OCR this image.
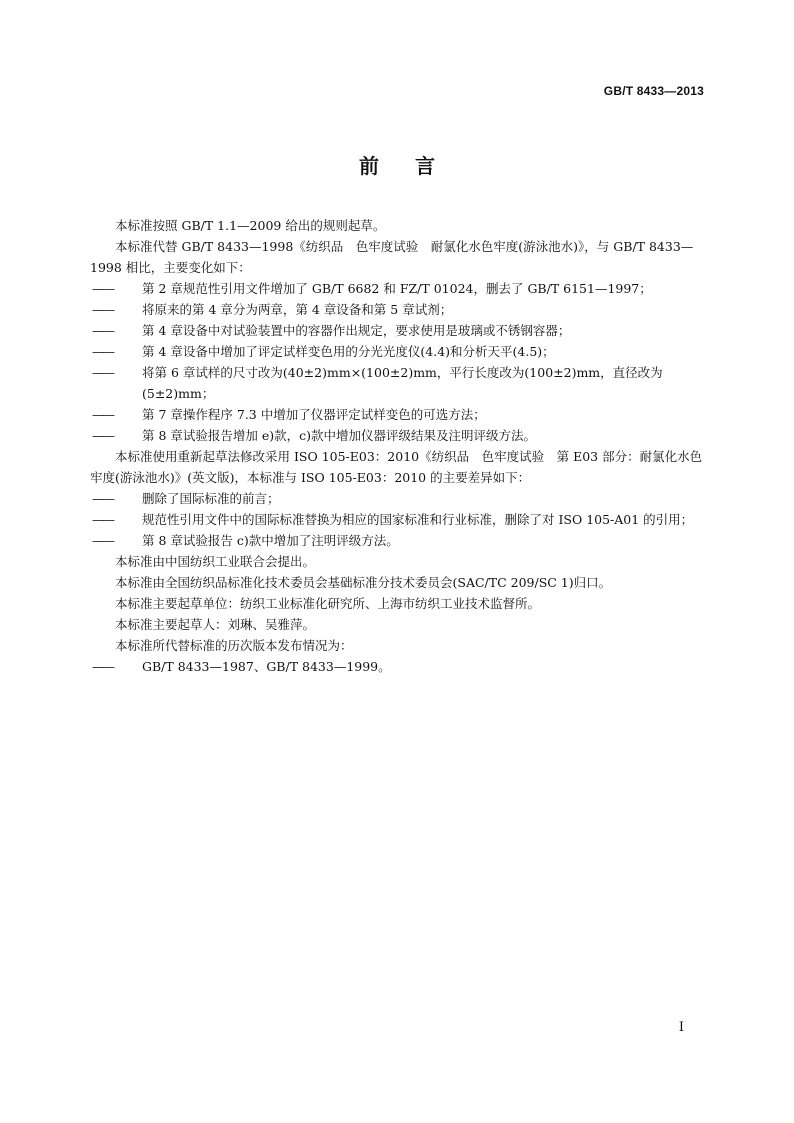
GB/T 8433—2013
前 言

本标准按照 GB/T 1.1—2009 给出的规则起草。

本标准代替 GB/T 8433—1998《纺织品　色牢度试验　耐氯化水色牢度(游泳池水)》，与 GB/T 8433—1998 相比，主要变化如下：

—— 第 2 章规范性引用文件增加了 GB/T 6682 和 FZ/T 01024，删去了 GB/T 6151—1997；

—— 将原来的第 4 章分为两章，第 4 章设备和第 5 章试剂；

—— 第 4 章设备中对试验装置中的容器作出规定，要求使用是玻璃或不锈钢容器；

—— 第 4 章设备中增加了评定试样变色用的分光光度仪(4.4)和分析天平(4.5)；

—— 将第 6 章试样的尺寸改为(40±2)mm×(100±2)mm，平行长度改为(100±2)mm，直径改为(5±2)mm；

—— 第 7 章操作程序 7.3 中增加了仪器评定试样变色的可选方法；

—— 第 8 章试验报告增加 e)款，c)款中增加仪器评级结果及注明评级方法。

本标准使用重新起草法修改采用 ISO 105-E03：2010《纺织品　色牢度试验　第 E03 部分：耐氯化水色牢度(游泳池水)》(英文版)，本标准与 ISO 105-E03：2010 的主要差异如下：

—— 删除了国际标准的前言；

—— 规范性引用文件中的国际标准替换为相应的国家标准和行业标准，删除了对 ISO 105-A01 的引用；

—— 第 8 章试验报告 c)款中增加了注明评级方法。

本标准由中国纺织工业联合会提出。

本标准由全国纺织品标准化技术委员会基础标准分技术委员会(SAC/TC 209/SC 1)归口。

本标准主要起草单位：纺织工业标准化研究所、上海市纺织工业技术监督所。

本标准主要起草人：刘琳、吴雅萍。

本标准所代替标准的历次版本发布情况为：

—— GB/T 8433—1987、GB/T 8433—1999。

I
